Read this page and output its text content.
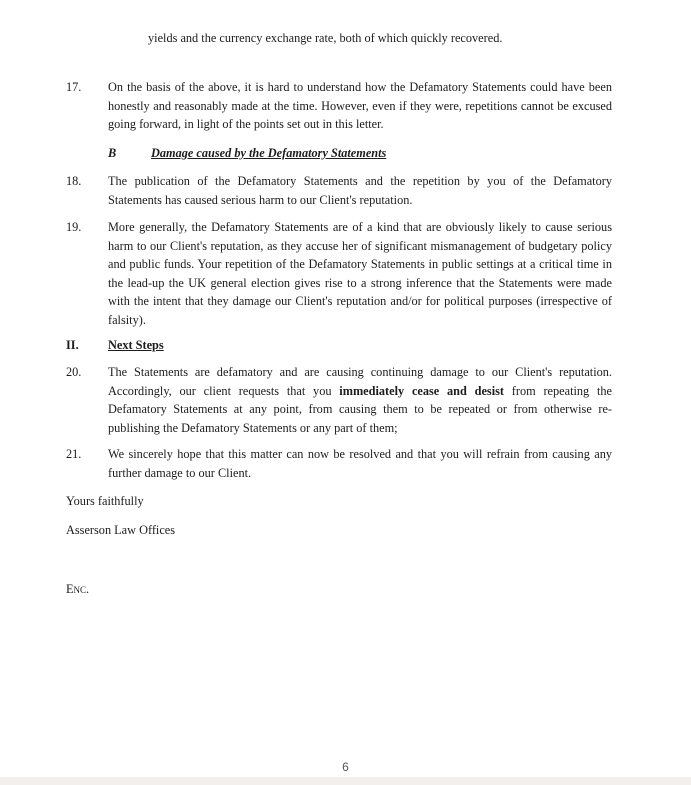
yields and the currency exchange rate, both of which quickly recovered.
17. On the basis of the above, it is hard to understand how the Defamatory Statements could have been honestly and reasonably made at the time. However, even if they were, repetitions cannot be excused going forward, in light of the points set out in this letter.
B	Damage caused by the Defamatory Statements
18. The publication of the Defamatory Statements and the repetition by you of the Defamatory Statements has caused serious harm to our Client's reputation.
19. More generally, the Defamatory Statements are of a kind that are obviously likely to cause serious harm to our Client's reputation, as they accuse her of significant mismanagement of budgetary policy and public funds. Your repetition of the Defamatory Statements in public settings at a critical time in the lead-up the UK general election gives rise to a strong inference that the Statements were made with the intent that they damage our Client's reputation and/or for political purposes (irrespective of falsity).
II. Next Steps
20. The Statements are defamatory and are causing continuing damage to our Client's reputation. Accordingly, our client requests that you immediately cease and desist from repeating the Defamatory Statements at any point, from causing them to be repeated or from otherwise re-publishing the Defamatory Statements or any part of them;
21. We sincerely hope that this matter can now be resolved and that you will refrain from causing any further damage to our Client.
Yours faithfully
Asserson Law Offices
Enc.
6
